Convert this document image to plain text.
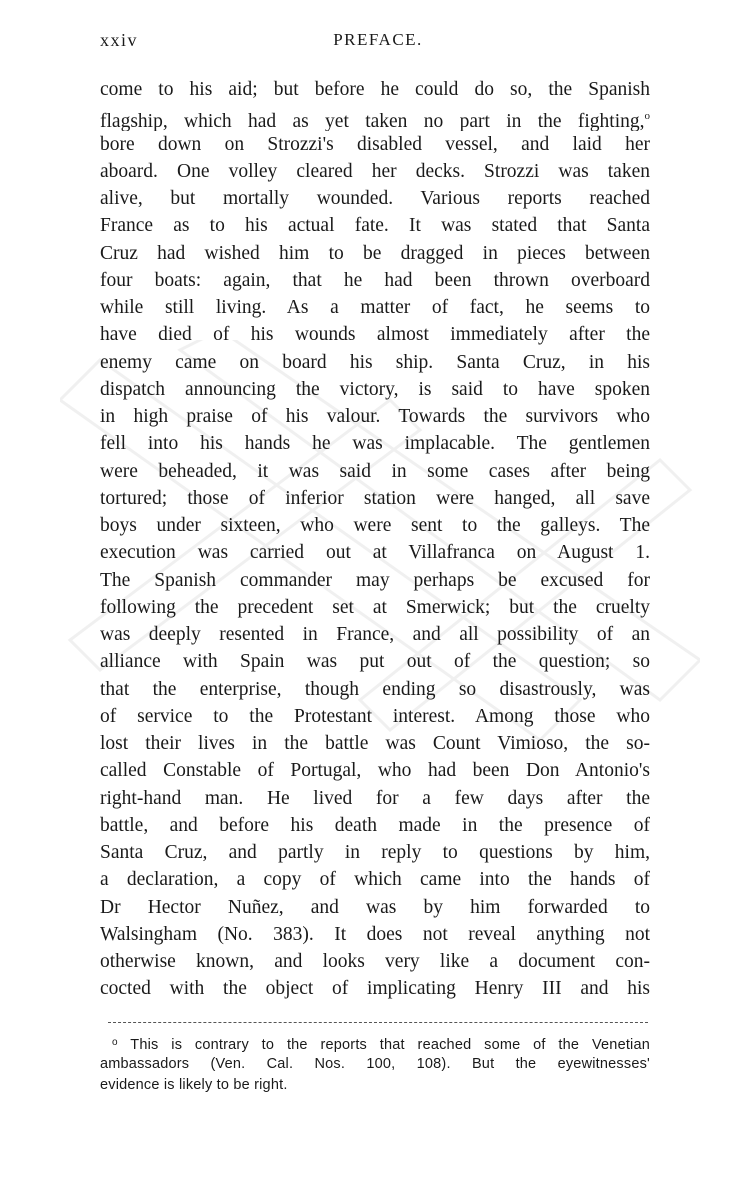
xxiv	PREFACE.
come to his aid; but before he could do so, the Spanish
flagship, which had as yet taken no part in the fighting,$^o$
bore down on Strozzi's disabled vessel, and laid her
aboard. One volley cleared her decks. Strozzi was taken
alive, but mortally wounded. Various reports reached
France as to his actual fate. It was stated that Santa
Cruz had wished him to be dragged in pieces between
four boats: again, that he had been thrown overboard
while still living. As a matter of fact, he seems to
have died of his wounds almost immediately after the
enemy came on board his ship. Santa Cruz, in his
dispatch announcing the victory, is said to have spoken
in high praise of his valour. Towards the survivors who
fell into his hands he was implacable. The gentlemen
were beheaded, it was said in some cases after being
tortured; those of inferior station were hanged, all save
boys under sixteen, who were sent to the galleys. The
execution was carried out at Villafranca on August 1.
The Spanish commander may perhaps be excused for
following the precedent set at Smerwick; but the cruelty
was deeply resented in France, and all possibility of an
alliance with Spain was put out of the question; so
that the enterprise, though ending so disastrously, was
of service to the Protestant interest. Among those who
lost their lives in the battle was Count Vimioso, the so-
called Constable of Portugal, who had been Don Antonio's
right-hand man. He lived for a few days after the
battle, and before his death made in the presence of
Santa Cruz, and partly in reply to questions by him,
a declaration, a copy of which came into the hands of
Dr Hector Nuñez, and was by him forwarded to
Walsingham (No. 383). It does not reveal anything not
otherwise known, and looks very like a document con-
cocted with the object of implicating Henry III and his
$^o$ This is contrary to the reports that reached some of the Venetian
ambassadors (Ven. Cal. Nos. 100, 108). But the eyewitnesses'
evidence is likely to be right.
